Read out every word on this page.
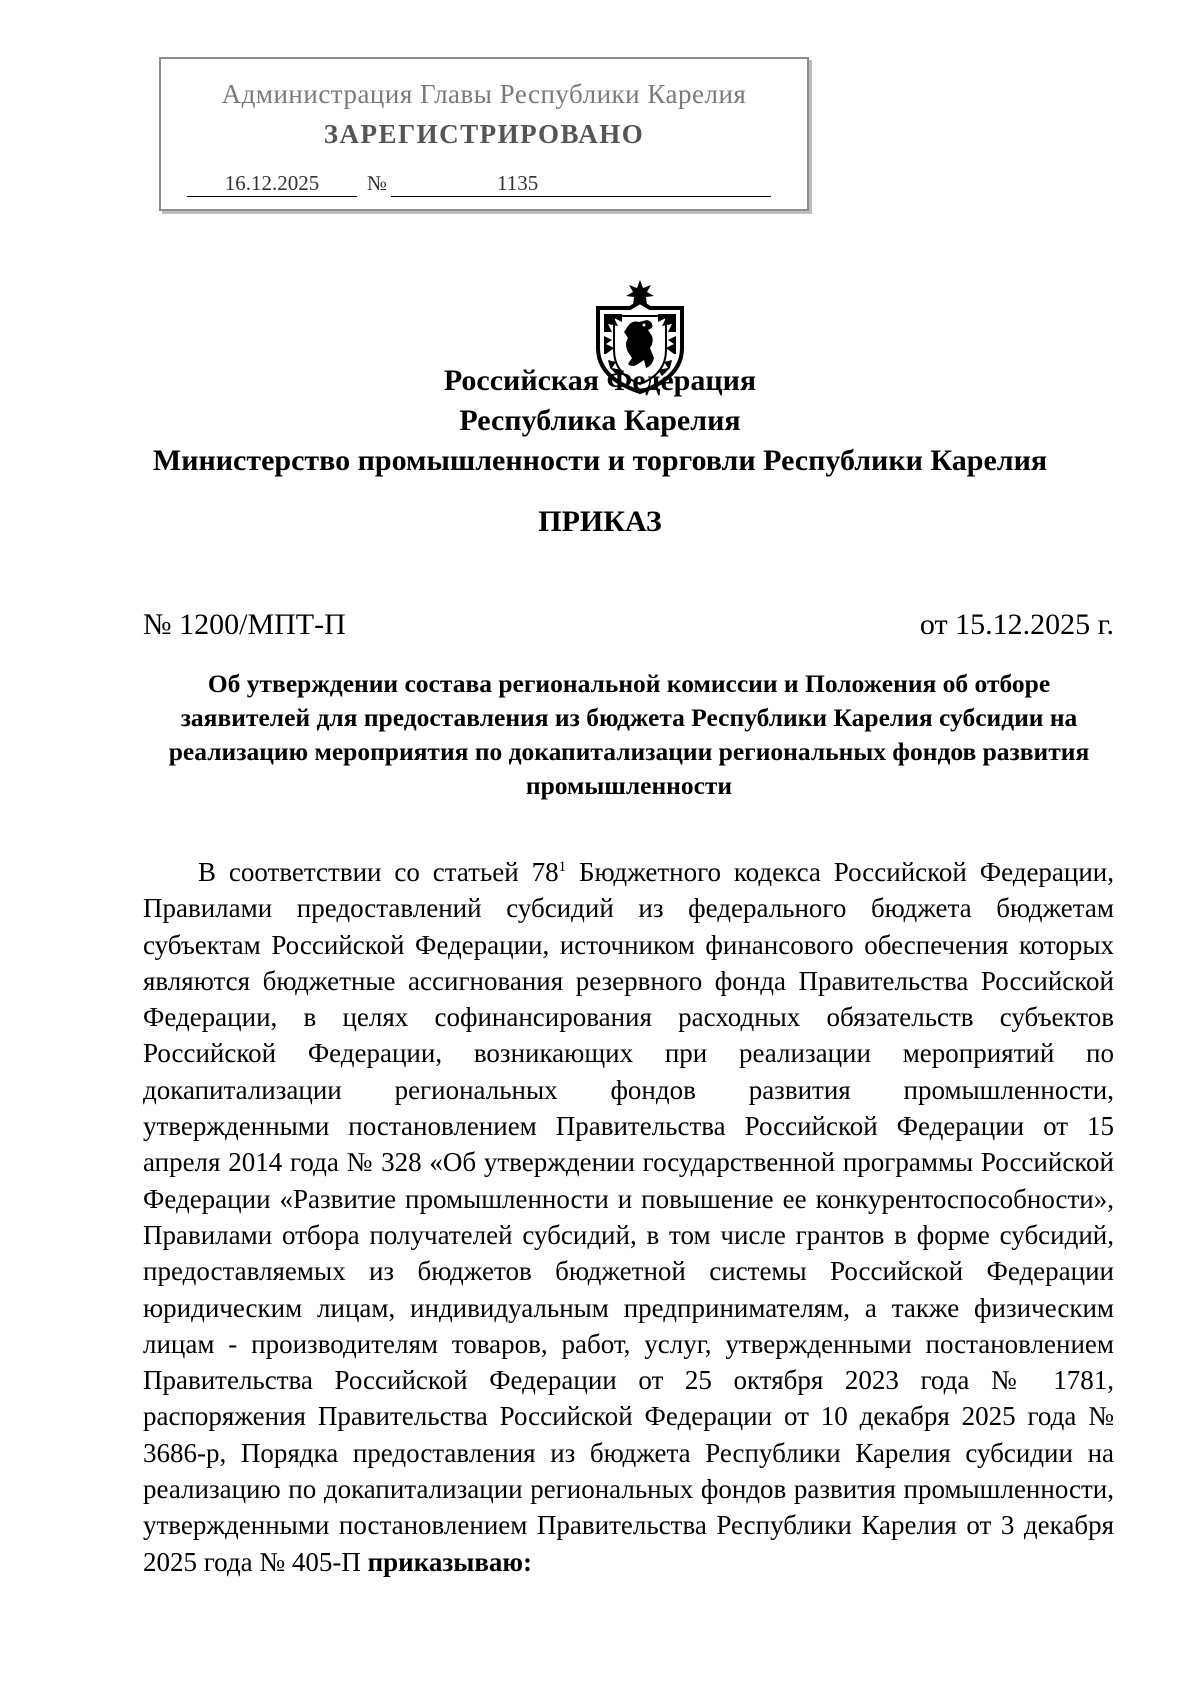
Администрация Главы Республики Карелия
ЗАРЕГИСТРИРОВАНО
16.12.2025	№	1135
Российская Федерация
Республика Карелия
Министерство промышленности и торговли Республики Карелия
ПРИКАЗ
№ 1200/МПТ-П	от 15.12.2025 г.
Об утверждении состава региональной комиссии и Положения об отборе заявителей для предоставления из бюджета Республики Карелия субсидии на реализацию мероприятия по докапитализации региональных фондов развития промышленности
В соответствии со статьей $78^1$ Бюджетного кодекса Российской Федерации, Правилами предоставлений субсидий из федерального бюджета бюджетам субъектам Российской Федерации, источником финансового обеспечения которых являются бюджетные ассигнования резервного фонда Правительства Российской Федерации, в целях софинансирования расходных обязательств субъектов Российской Федерации, возникающих при реализации мероприятий по докапитализации региональных фондов развития промышленности, утвержденными постановлением Правительства Российской Федерации от 15 апреля 2014 года № 328 «Об утверждении государственной программы Российской Федерации «Развитие промышленности и повышение ее конкурентоспособности», Правилами отбора получателей субсидий, в том числе грантов в форме субсидий, предоставляемых из бюджетов бюджетной системы Российской Федерации юридическим лицам, индивидуальным предпринимателям, а также физическим лицам - производителям товаров, работ, услуг, утвержденными постановлением Правительства Российской Федерации от 25 октября 2023 года № 1781, распоряжения Правительства Российской Федерации от 10 декабря 2025 года № 3686-р, Порядка предоставления из бюджета Республики Карелия субсидии на реализацию по докапитализации региональных фондов развития промышленности, утвержденными постановлением Правительства Республики Карелия от 3 декабря 2025 года № 405-П приказываю:
